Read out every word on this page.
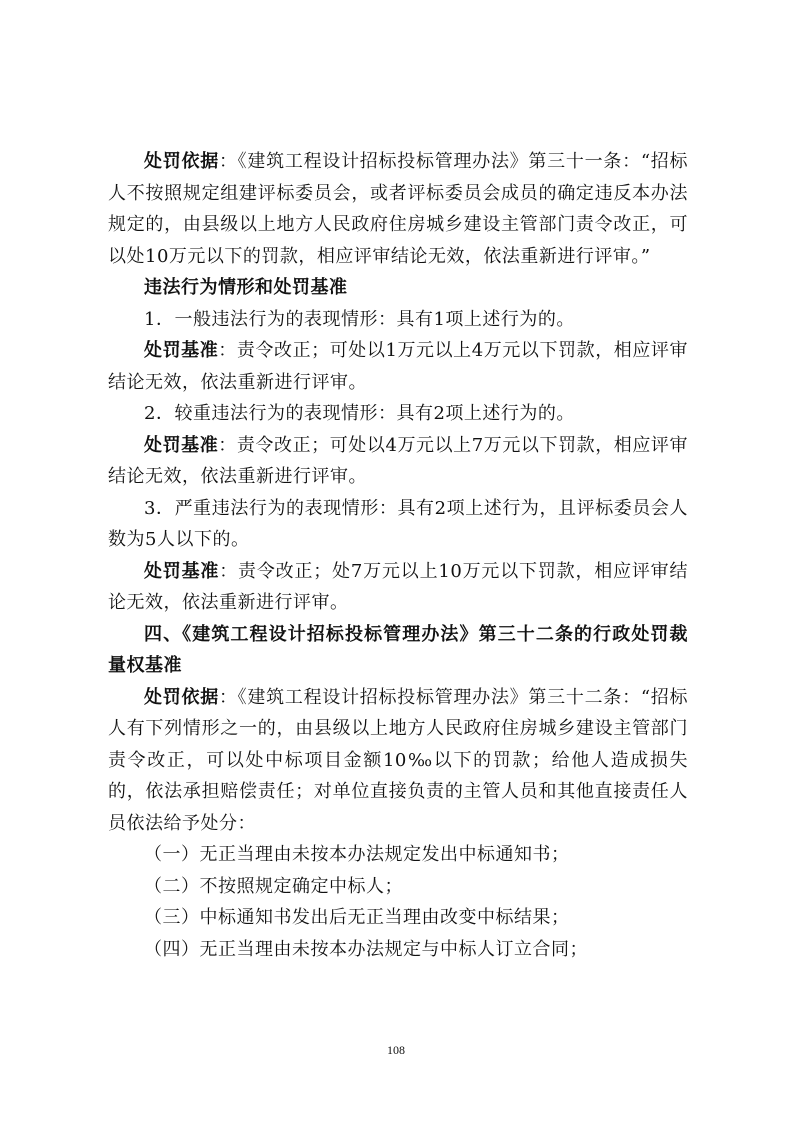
处罚依据：《建筑工程设计招标投标管理办法》第三十一条：“招标人不按照规定组建评标委员会，或者评标委员会成员的确定违反本办法规定的，由县级以上地方人民政府住房城乡建设主管部门责令改正，可以处10万元以下的罚款，相应评审结论无效，依法重新进行评审。”

违法行为情形和处罚基准

1．一般违法行为的表现情形：具有1项上述行为的。

处罚基准：责令改正；可处以1万元以上4万元以下罚款，相应评审结论无效，依法重新进行评审。

2．较重违法行为的表现情形：具有2项上述行为的。

处罚基准：责令改正；可处以4万元以上7万元以下罚款，相应评审结论无效，依法重新进行评审。

3．严重违法行为的表现情形：具有2项上述行为，且评标委员会人数为5人以下的。

处罚基准：责令改正；处7万元以上10万元以下罚款，相应评审结论无效，依法重新进行评审。

四、《建筑工程设计招标投标管理办法》第三十二条的行政处罚裁量权基准

处罚依据：《建筑工程设计招标投标管理办法》第三十二条：“招标人有下列情形之一的，由县级以上地方人民政府住房城乡建设主管部门责令改正，可以处中标项目金额10‰以下的罚款；给他人造成损失的，依法承担赔偿责任；对单位直接负责的主管人员和其他直接责任人员依法给予处分：

（一）无正当理由未按本办法规定发出中标通知书；

（二）不按照规定确定中标人；

（三）中标通知书发出后无正当理由改变中标结果；

（四）无正当理由未按本办法规定与中标人订立合同；

108
